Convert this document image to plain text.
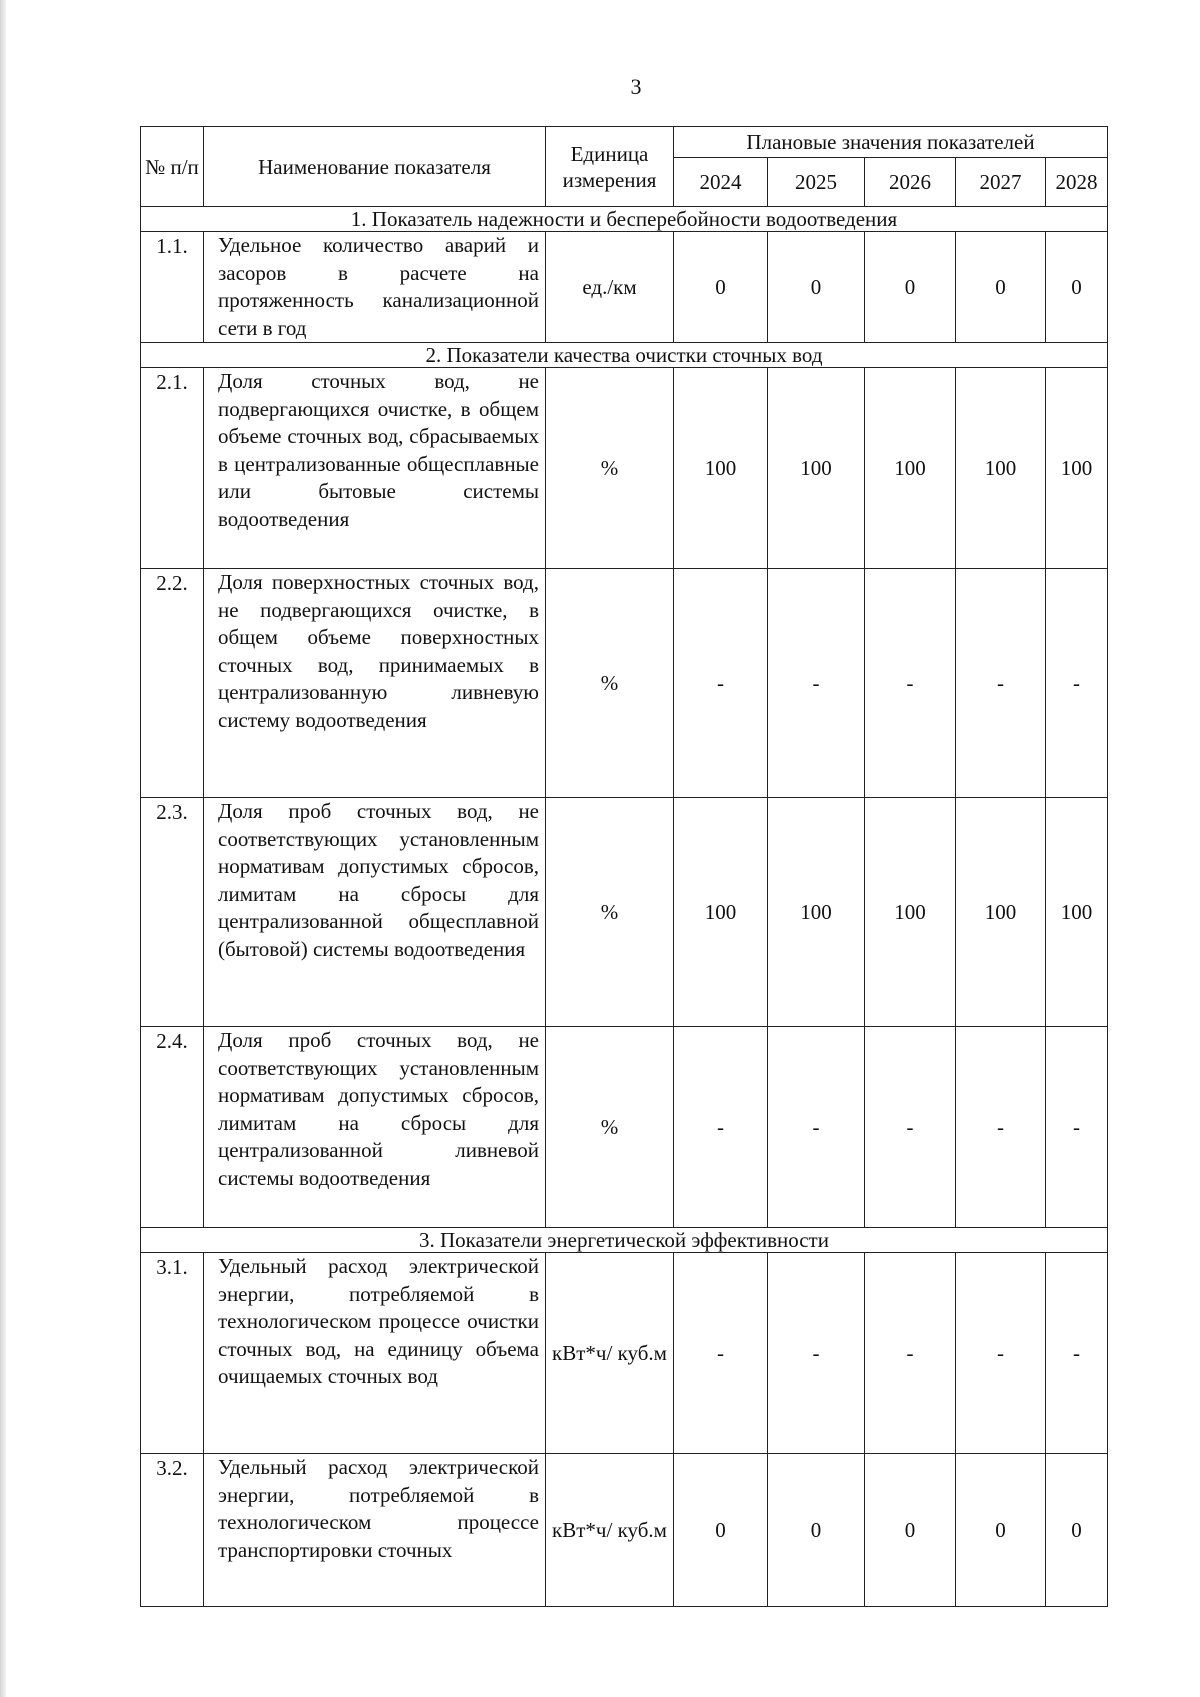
3
№ п/п	Наименование показателя	Единица измерения	Плановые значения показателей				
			2024	2025	2026	2027	2028
1. Показатель надежности и бесперебойности водоотведения							
1.1.	Удельное количество аварий и засоров в расчете на протяженность канализационной сети в год	ед./км	0	0	0	0	0
2. Показатели качества очистки сточных вод							
2.1.	Доля сточных вод, не подвергающихся очистке, в общем объеме сточных вод, сбрасываемых в централизованные общесплавные или бытовые системы водоотведения	%	100	100	100	100	100
2.2.	Доля поверхностных сточных вод, не подвергающихся очистке, в общем объеме поверхностных сточных вод, принимаемых в централизованную ливневую систему водоотведения	%	-	-	-	-	-
2.3.	Доля проб сточных вод, не соответствующих установленным нормативам допустимых сбросов, лимитам на сбросы для централизованной общесплавной (бытовой) системы водоотведения	%	100	100	100	100	100
2.4.	Доля проб сточных вод, не соответствующих установленным нормативам допустимых сбросов, лимитам на сбросы для централизованной ливневой системы водоотведения	%	-	-	-	-	-
3. Показатели энергетической эффективности							
3.1.	Удельный расход электрической энергии, потребляемой в технологическом процессе очистки сточных вод, на единицу объема очищаемых сточных вод	кВт*ч/ куб.м	-	-	-	-	-
3.2.	Удельный расход электрической энергии, потребляемой в технологическом процессе транспортировки сточных	кВт*ч/ куб.м	0	0	0	0	0
